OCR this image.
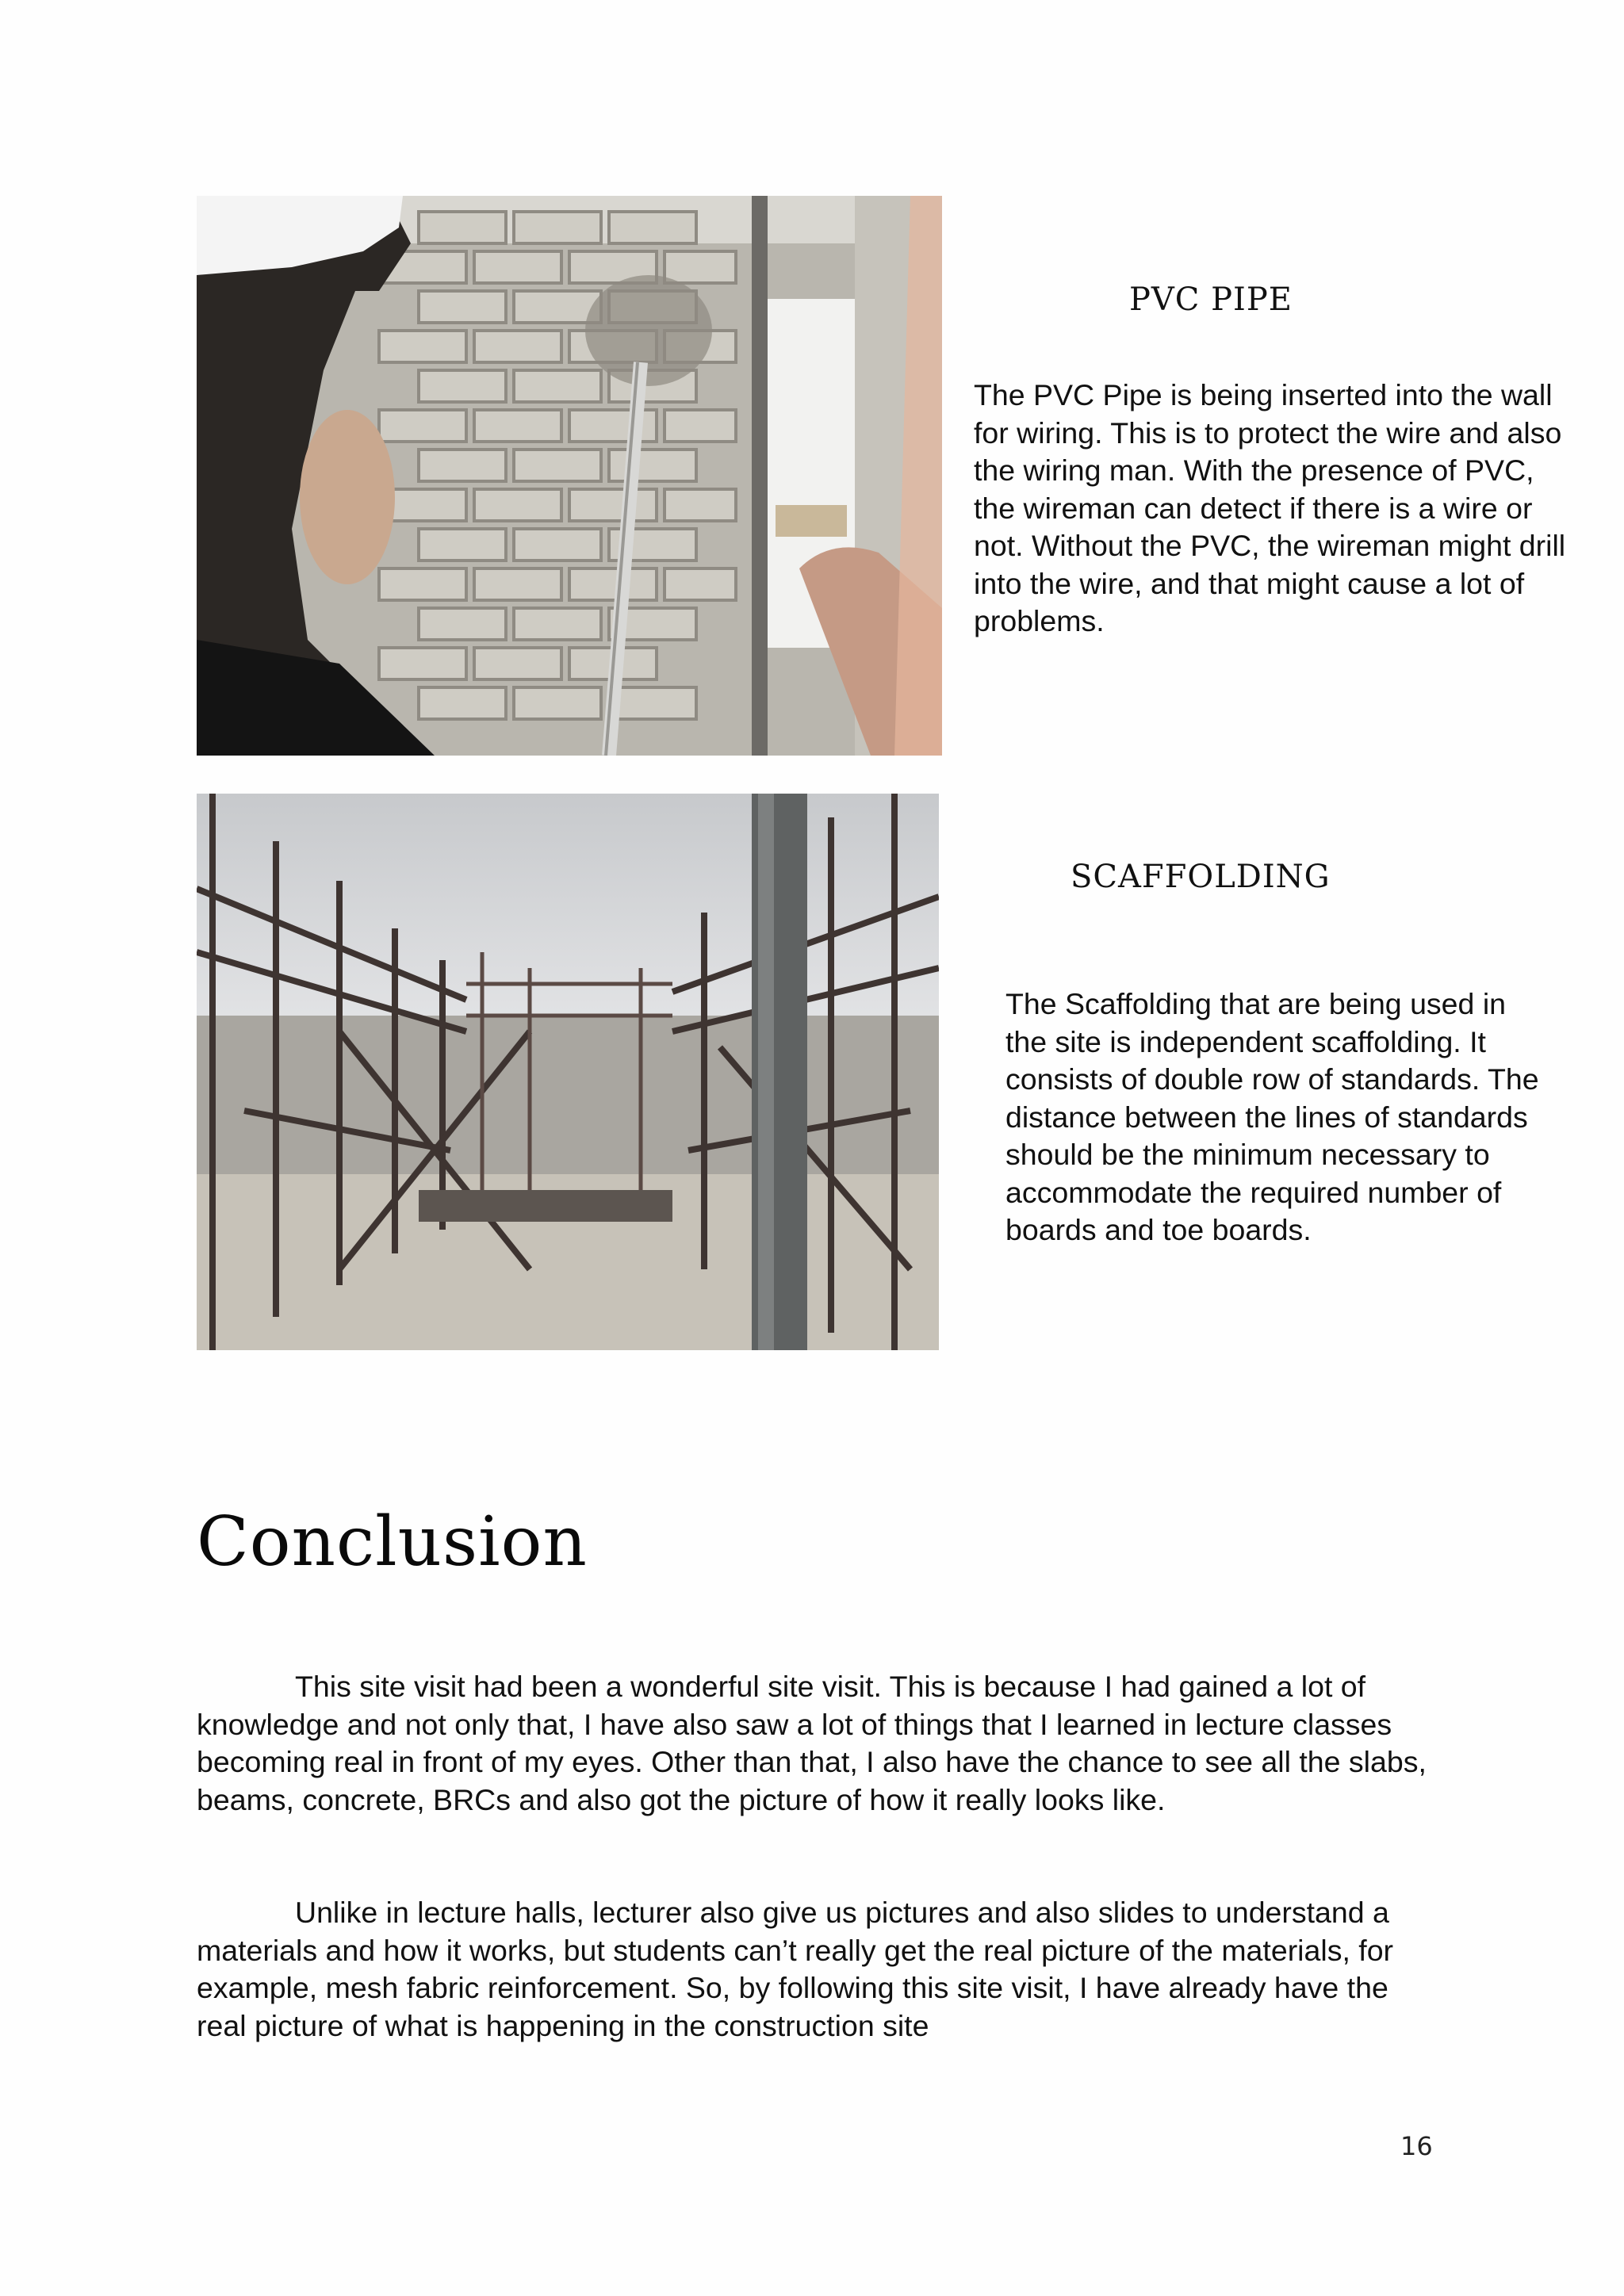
PVC PIPE
The PVC Pipe is being inserted into the wall for wiring. This is to protect the wire and also the wiring man. With the presence of PVC, the wireman can detect if there is a wire or not. Without the PVC, the wireman might drill into the wire, and that might cause a lot of problems.
SCAFFOLDING
The Scaffolding that are being used in the site is independent scaffolding. It consists of double row of standards. The distance between the lines of standards should be the minimum necessary to accommodate the required number of boards and toe boards.
Conclusion
This site visit had been a wonderful site visit. This is because I had gained a lot of knowledge and not only that, I have also saw a lot of things that I learned in lecture classes becoming real in front of my eyes. Other than that, I also have the chance to see all the slabs, beams, concrete, BRCs and also got the picture of how it really looks like.
Unlike in lecture halls, lecturer also give us pictures and also slides to understand a materials and how it works, but students can’t really get the real picture of the materials, for example, mesh fabric reinforcement. So, by following this site visit, I have already have the real picture of what is happening in the construction site
16
